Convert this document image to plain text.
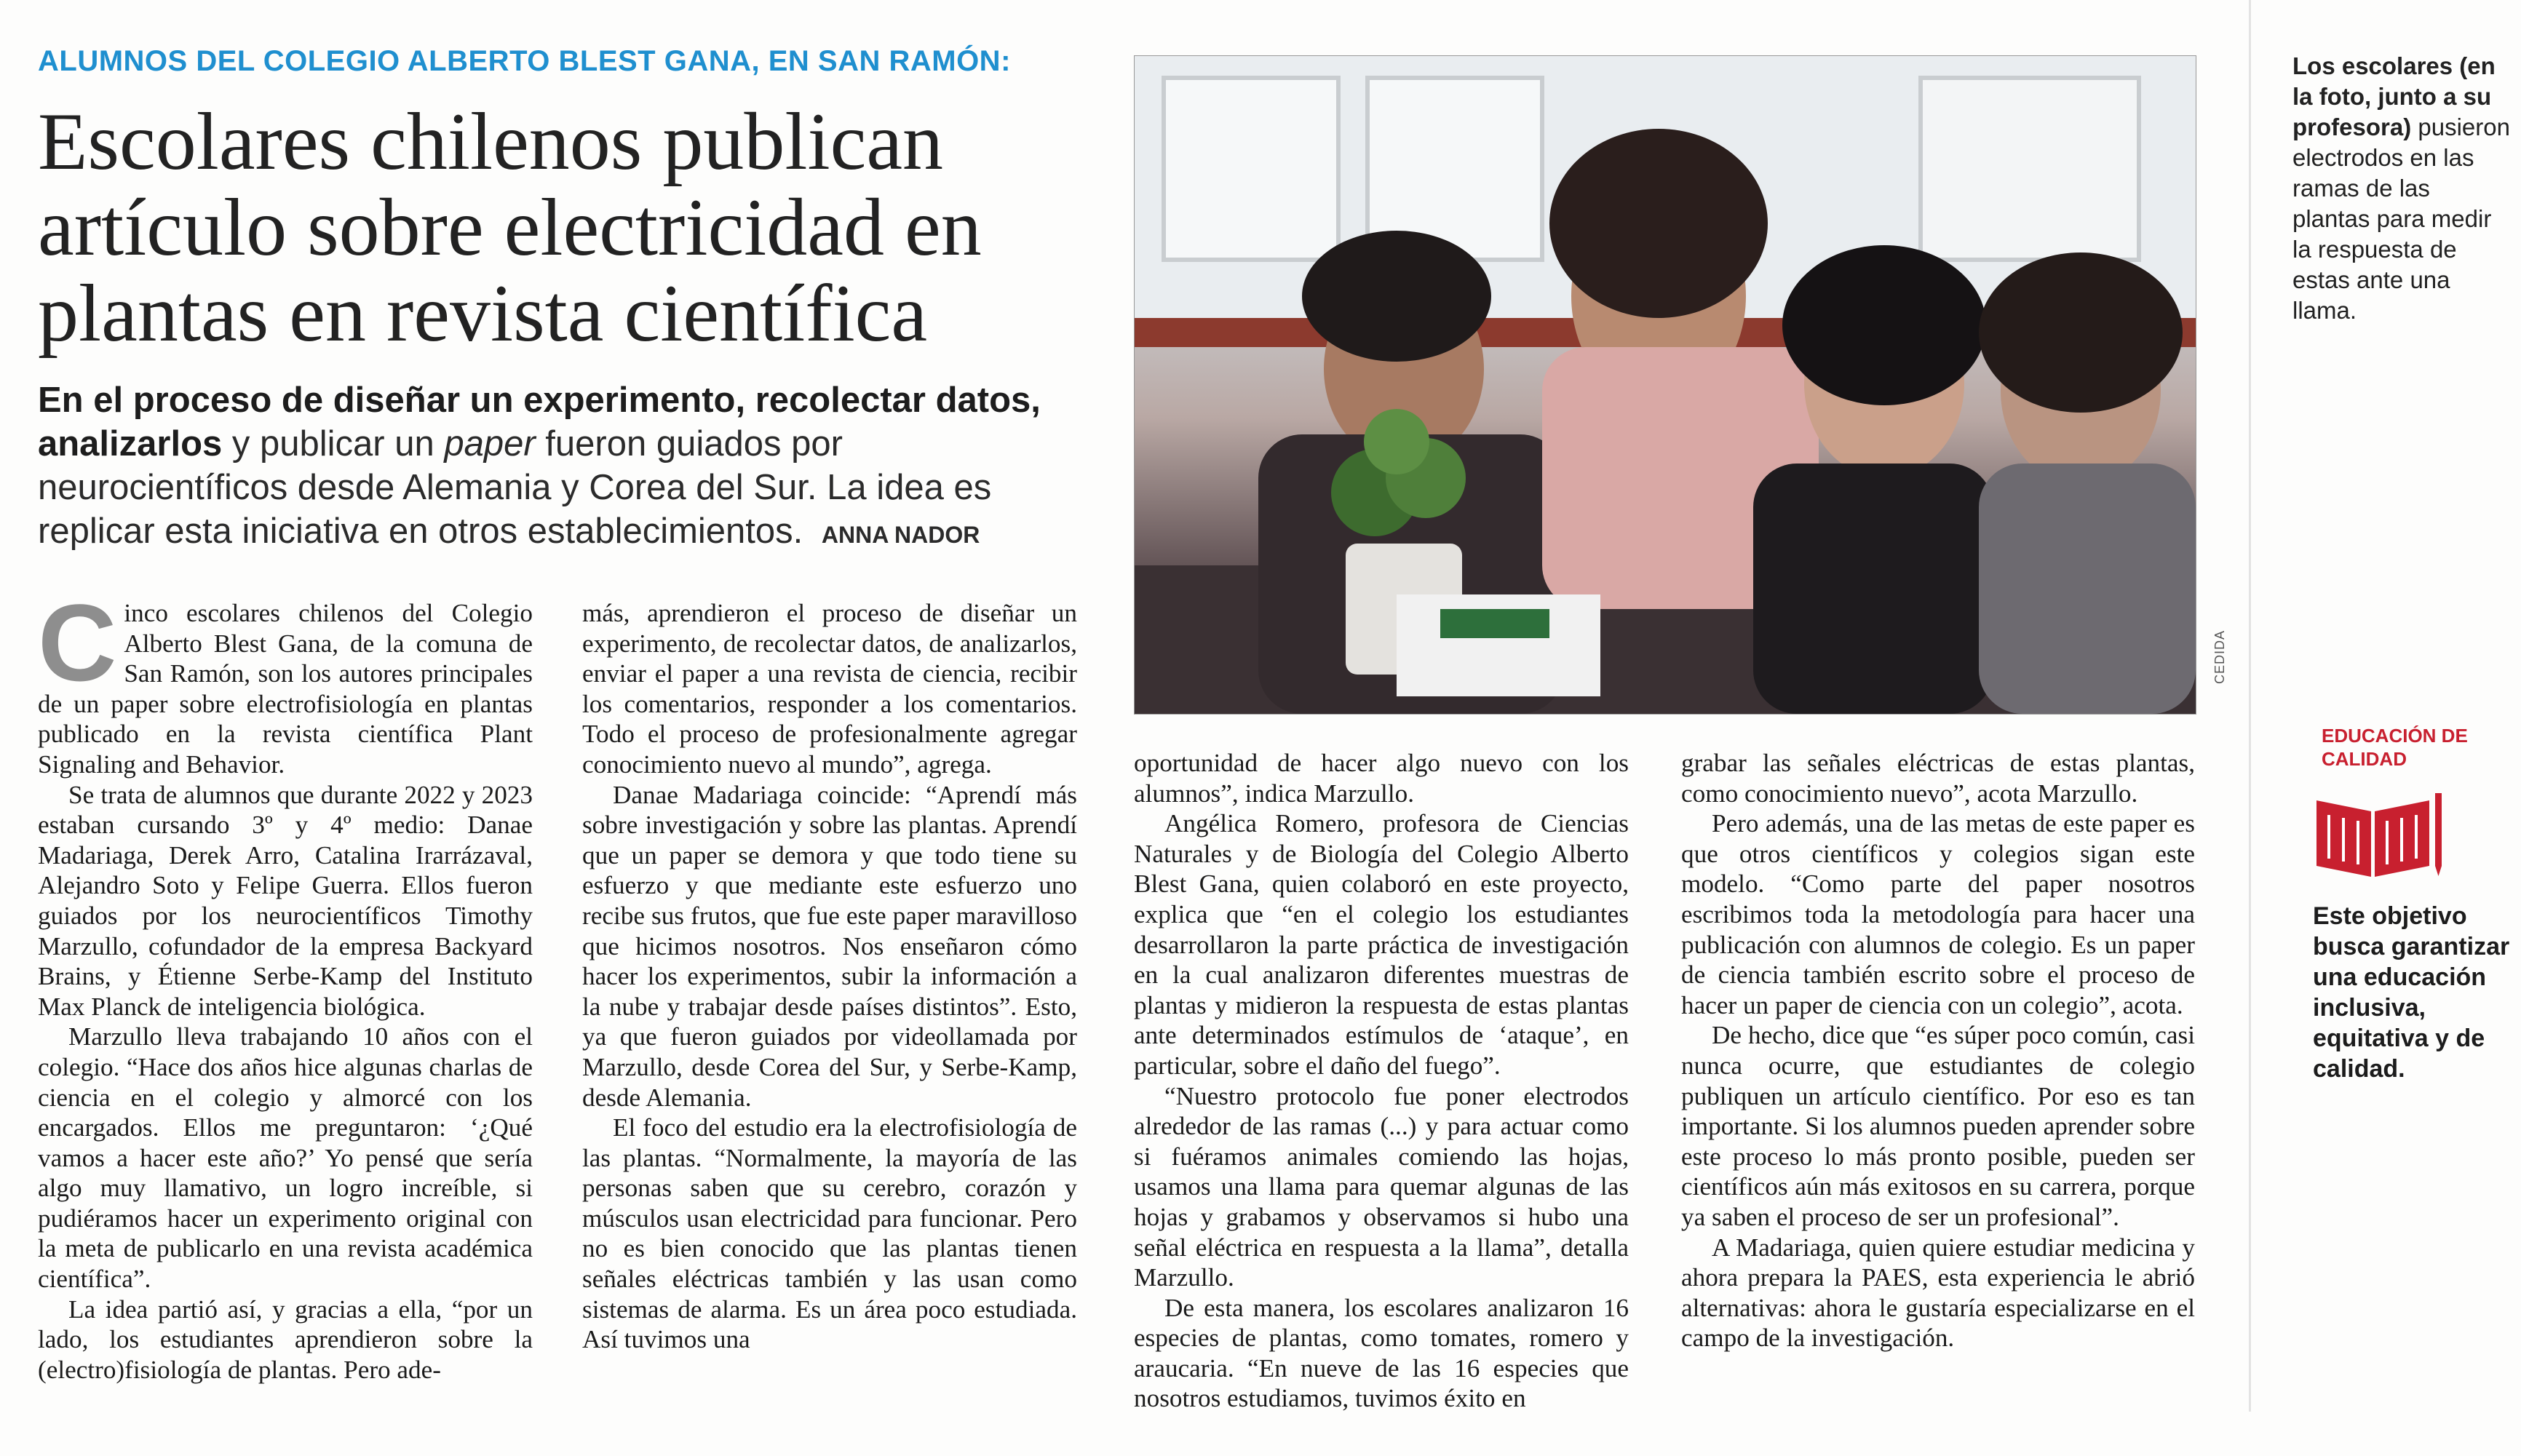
ALUMNOS DEL COLEGIO ALBERTO BLEST GANA, EN SAN RAMÓN:
Escolares chilenos publican artículo sobre electricidad en plantas en revista científica
En el proceso de diseñar un experimento, recolectar datos, analizarlos y publicar un paper fueron guiados por neurocientíficos desde Alemania y Corea del Sur. La idea es replicar esta iniciativa en otros establecimientos. ANNA NADOR

Cinco escolares chilenos del Colegio Alberto Blest Gana, de la comuna de San Ramón, son los autores principales de un paper sobre electrofisiología en plantas publicado en la revista científica Plant Signaling and Behavior.

Se trata de alumnos que durante 2022 y 2023 estaban cursando 3º y 4º medio: Danae Madariaga, Derek Arro, Catalina Irarrázaval, Alejandro Soto y Felipe Guerra. Ellos fueron guiados por los neurocientíficos Timothy Marzullo, cofundador de la empresa Backyard Brains, y Étienne Serbe-Kamp del Instituto Max Planck de inteligencia biológica.

Marzullo lleva trabajando 10 años con el colegio. “Hace dos años hice algunas charlas de ciencia en el colegio y almorcé con los encargados. Ellos me preguntaron: ‘¿Qué vamos a hacer este año?’ Yo pensé que sería algo muy llamativo, un logro increíble, si pudiéramos hacer un experimento original con la meta de publicarlo en una revista académica científica”.

La idea partió así, y gracias a ella, “por un lado, los estudiantes aprendieron sobre la (electro)fisiología de plantas. Pero ade-

más, aprendieron el proceso de diseñar un experimento, de recolectar datos, de analizarlos, enviar el paper a una revista de ciencia, recibir los comentarios, responder a los comentarios. Todo el proceso de profesionalmente agregar conocimiento nuevo al mundo”, agrega.

Danae Madariaga coincide: “Aprendí más sobre investigación y sobre las plantas. Aprendí que un paper se demora y que todo tiene su esfuerzo y que mediante este esfuerzo uno recibe sus frutos, que fue este paper maravilloso que hicimos nosotros. Nos enseñaron cómo hacer los experimentos, subir la información a la nube y trabajar desde países distintos”. Esto, ya que fueron guiados por videollamada por Marzullo, desde Corea del Sur, y Serbe-Kamp, desde Alemania.

El foco del estudio era la electrofisiología de las plantas. “Normalmente, la mayoría de las personas saben que su cerebro, corazón y músculos usan electricidad para funcionar. Pero no es bien conocido que las plantas tienen señales eléctricas también y las usan como sistemas de alarma. Es un área poco estudiada. Así tuvimos una

CEDIDA

oportunidad de hacer algo nuevo con los alumnos”, indica Marzullo.

Angélica Romero, profesora de Ciencias Naturales y de Biología del Colegio Alberto Blest Gana, quien colaboró en este proyecto, explica que “en el colegio los estudiantes desarrollaron la parte práctica de investigación en la cual analizaron diferentes muestras de plantas y midieron la respuesta de estas plantas ante determinados estímulos de ‘ataque’, en particular, sobre el daño del fuego”.

“Nuestro protocolo fue poner electrodos alrededor de las ramas (...) y para actuar como si fuéramos animales comiendo las hojas, usamos una llama para quemar algunas de las hojas y grabamos y observamos si hubo una señal eléctrica en respuesta a la llama”, detalla Marzullo.

De esta manera, los escolares analizaron 16 especies de plantas, como tomates, romero y araucaria. “En nueve de las 16 especies que nosotros estudiamos, tuvimos éxito en

grabar las señales eléctricas de estas plantas, como conocimiento nuevo”, acota Marzullo.

Pero además, una de las metas de este paper es que otros científicos y colegios sigan este modelo. “Como parte del paper nosotros escribimos toda la metodología para hacer una publicación con alumnos de colegio. Es un paper de ciencia también escrito sobre el proceso de hacer un paper de ciencia con un colegio”, acota.

De hecho, dice que “es súper poco común, casi nunca ocurre, que estudiantes de colegio publiquen un artículo científico. Por eso es tan importante. Si los alumnos pueden aprender sobre este proceso lo más pronto posible, pueden ser científicos aún más exitosos en su carrera, porque ya saben el proceso de ser un profesional”.

A Madariaga, quien quiere estudiar medicina y ahora prepara la PAES, esta experiencia le abrió alternativas: ahora le gustaría especializarse en el campo de la investigación.

Los escolares (en la foto, junto a su profesora) pusieron electrodos en las ramas de las plantas para medir la respuesta de estas ante una llama.
EDUCACIÓN DE CALIDAD
Este objetivo busca garantizar una educación inclusiva, equitativa y de calidad.
